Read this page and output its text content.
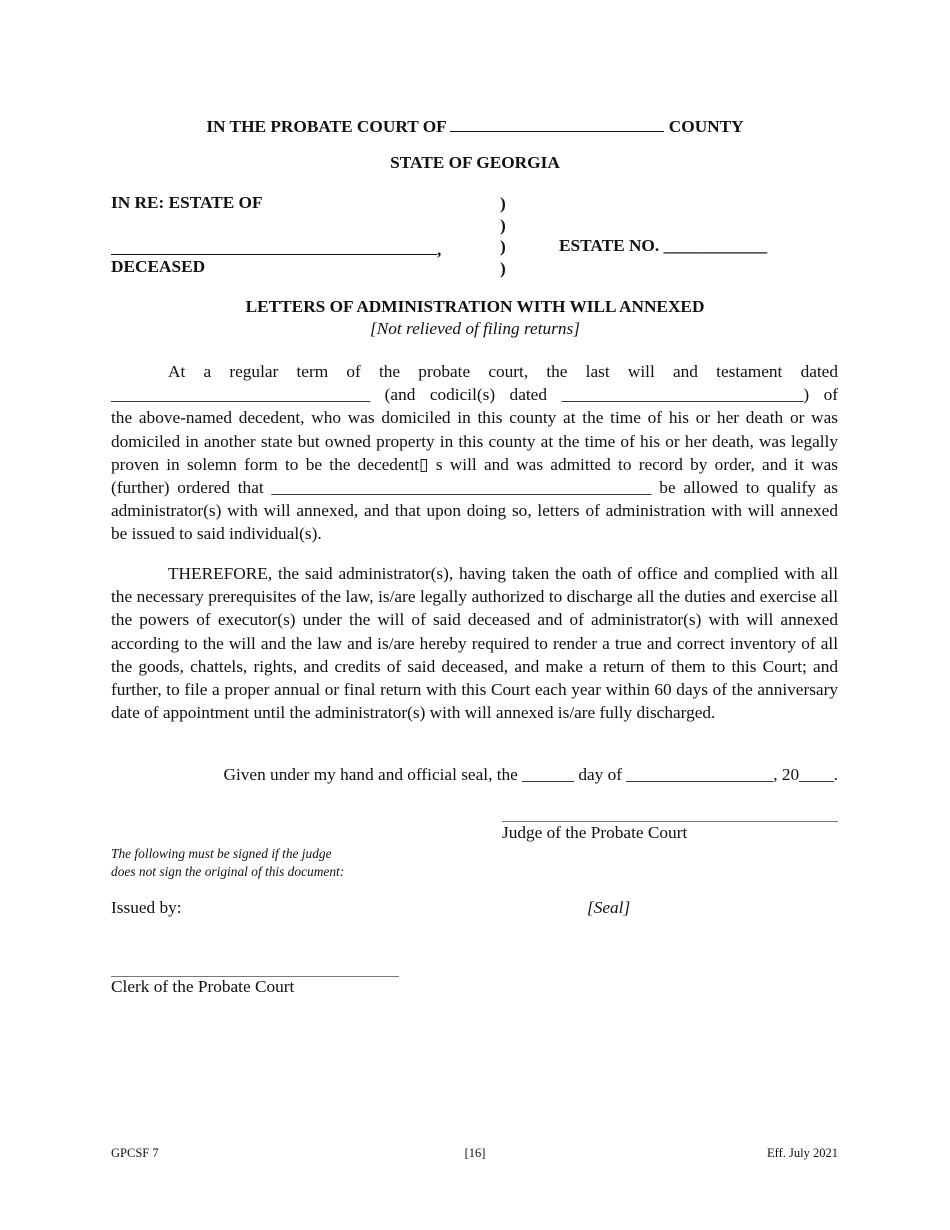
IN THE PROBATE COURT OF	COUNTY
STATE OF GEORGIA
IN RE: ESTATE OF
,
DECEASED
)
)
)
)
ESTATE NO. ____________
LETTERS OF ADMINISTRATION WITH WILL ANNEXED
[Not relieved of filing returns]
At a regular term of the probate court, the last will and testament dated
______________________________ (and codicil(s) dated ____________________________) of
the above-named decedent, who was domiciled in this county at the time of his or her death or was domiciled in another state but owned property in this county at the time of his or her death, was legally proven in solemn form to be the decedent▯ s will and was admitted to record by order, and it was (further) ordered that ____________________________________________ be allowed to qualify as administrator(s) with will annexed, and that upon doing so, letters of administration with will annexed be issued to said individual(s).
THEREFORE, the said administrator(s), having taken the oath of office and complied with all the necessary prerequisites of the law, is/are legally authorized to discharge all the duties and exercise all the powers of executor(s) under the will of said deceased and of administrator(s) with will annexed according to the will and the law and is/are hereby required to render a true and correct inventory of all the goods, chattels, rights, and credits of said deceased, and make a return of them to this Court; and further, to file a proper annual or final return with this Court each year within 60 days of the anniversary date of appointment until the administrator(s) with will annexed is/are fully discharged.
Given under my hand and official seal, the ______ day of _________________, 20____.
Judge of the Probate Court
The following must be signed if the judge
does not sign the original of this document:
Issued by:	[Seal]
Clerk of the Probate Court
GPCSF 7	[16]	Eff. July 2021
